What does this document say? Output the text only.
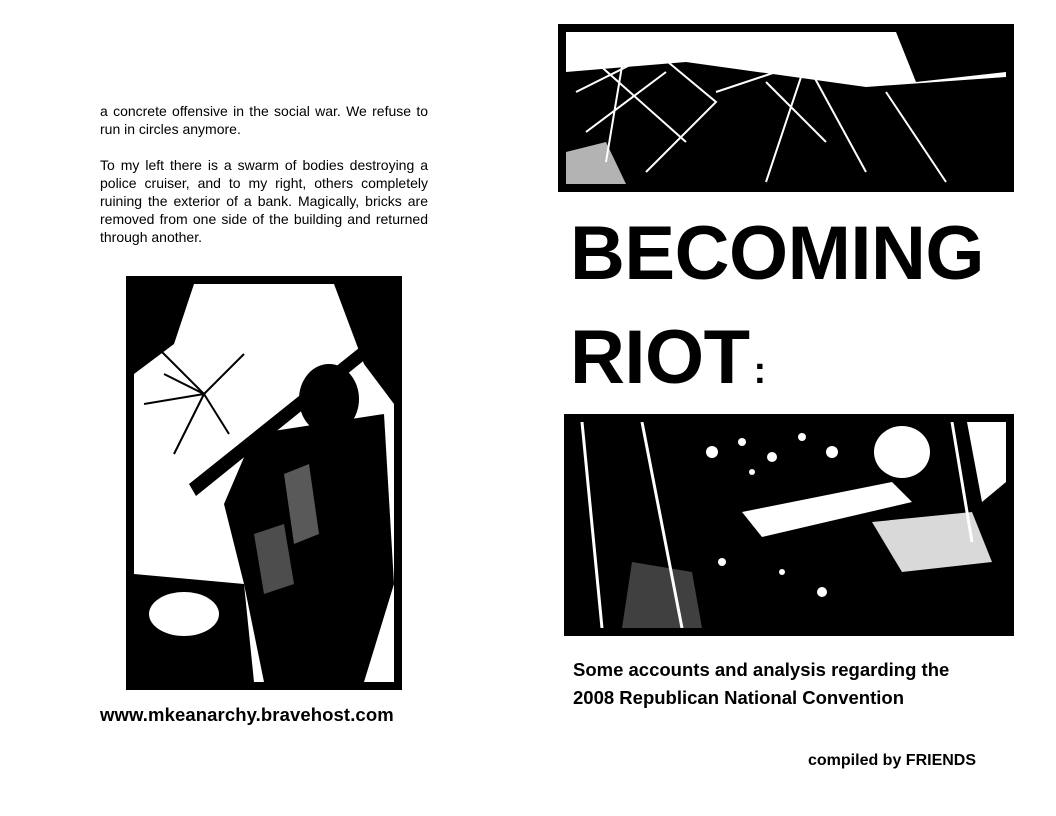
a concrete offensive in the social war. We refuse to run in circles anymore.

To my left there is a swarm of bodies destroying a police cruiser, and to my right, others completely ruining the exterior of a bank. Magically, bricks are removed from one side of the building and returned through another.

www.mkeanarchy.bravehost.com
BECOMING
RIOT :
Some accounts and analysis regarding the
2008 Republican National Convention
compiled by FRIENDS
